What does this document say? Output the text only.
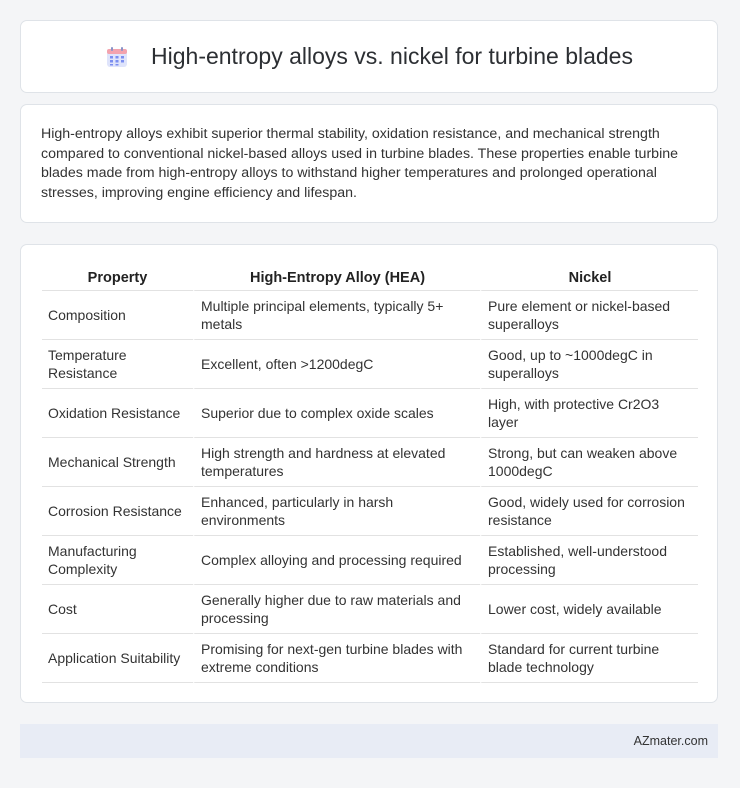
High-entropy alloys vs. nickel for turbine blades

High-entropy alloys exhibit superior thermal stability, oxidation resistance, and mechanical strength compared to conventional nickel-based alloys used in turbine blades. These properties enable turbine blades made from high-entropy alloys to withstand higher temperatures and prolonged operational stresses, improving engine efficiency and lifespan.

Property	High-Entropy Alloy (HEA)	Nickel
Composition	Multiple principal elements, typically 5+ metals	Pure element or nickel-based superalloys
Temperature Resistance	Excellent, often >1200degC	Good, up to ~1000degC in superalloys
Oxidation Resistance	Superior due to complex oxide scales	High, with protective Cr2O3 layer
Mechanical Strength	High strength and hardness at elevated temperatures	Strong, but can weaken above 1000degC
Corrosion Resistance	Enhanced, particularly in harsh environments	Good, widely used for corrosion resistance
Manufacturing Complexity	Complex alloying and processing required	Established, well-understood processing
Cost	Generally higher due to raw materials and processing	Lower cost, widely available
Application Suitability	Promising for next-gen turbine blades with extreme conditions	Standard for current turbine blade technology
AZmater.com
